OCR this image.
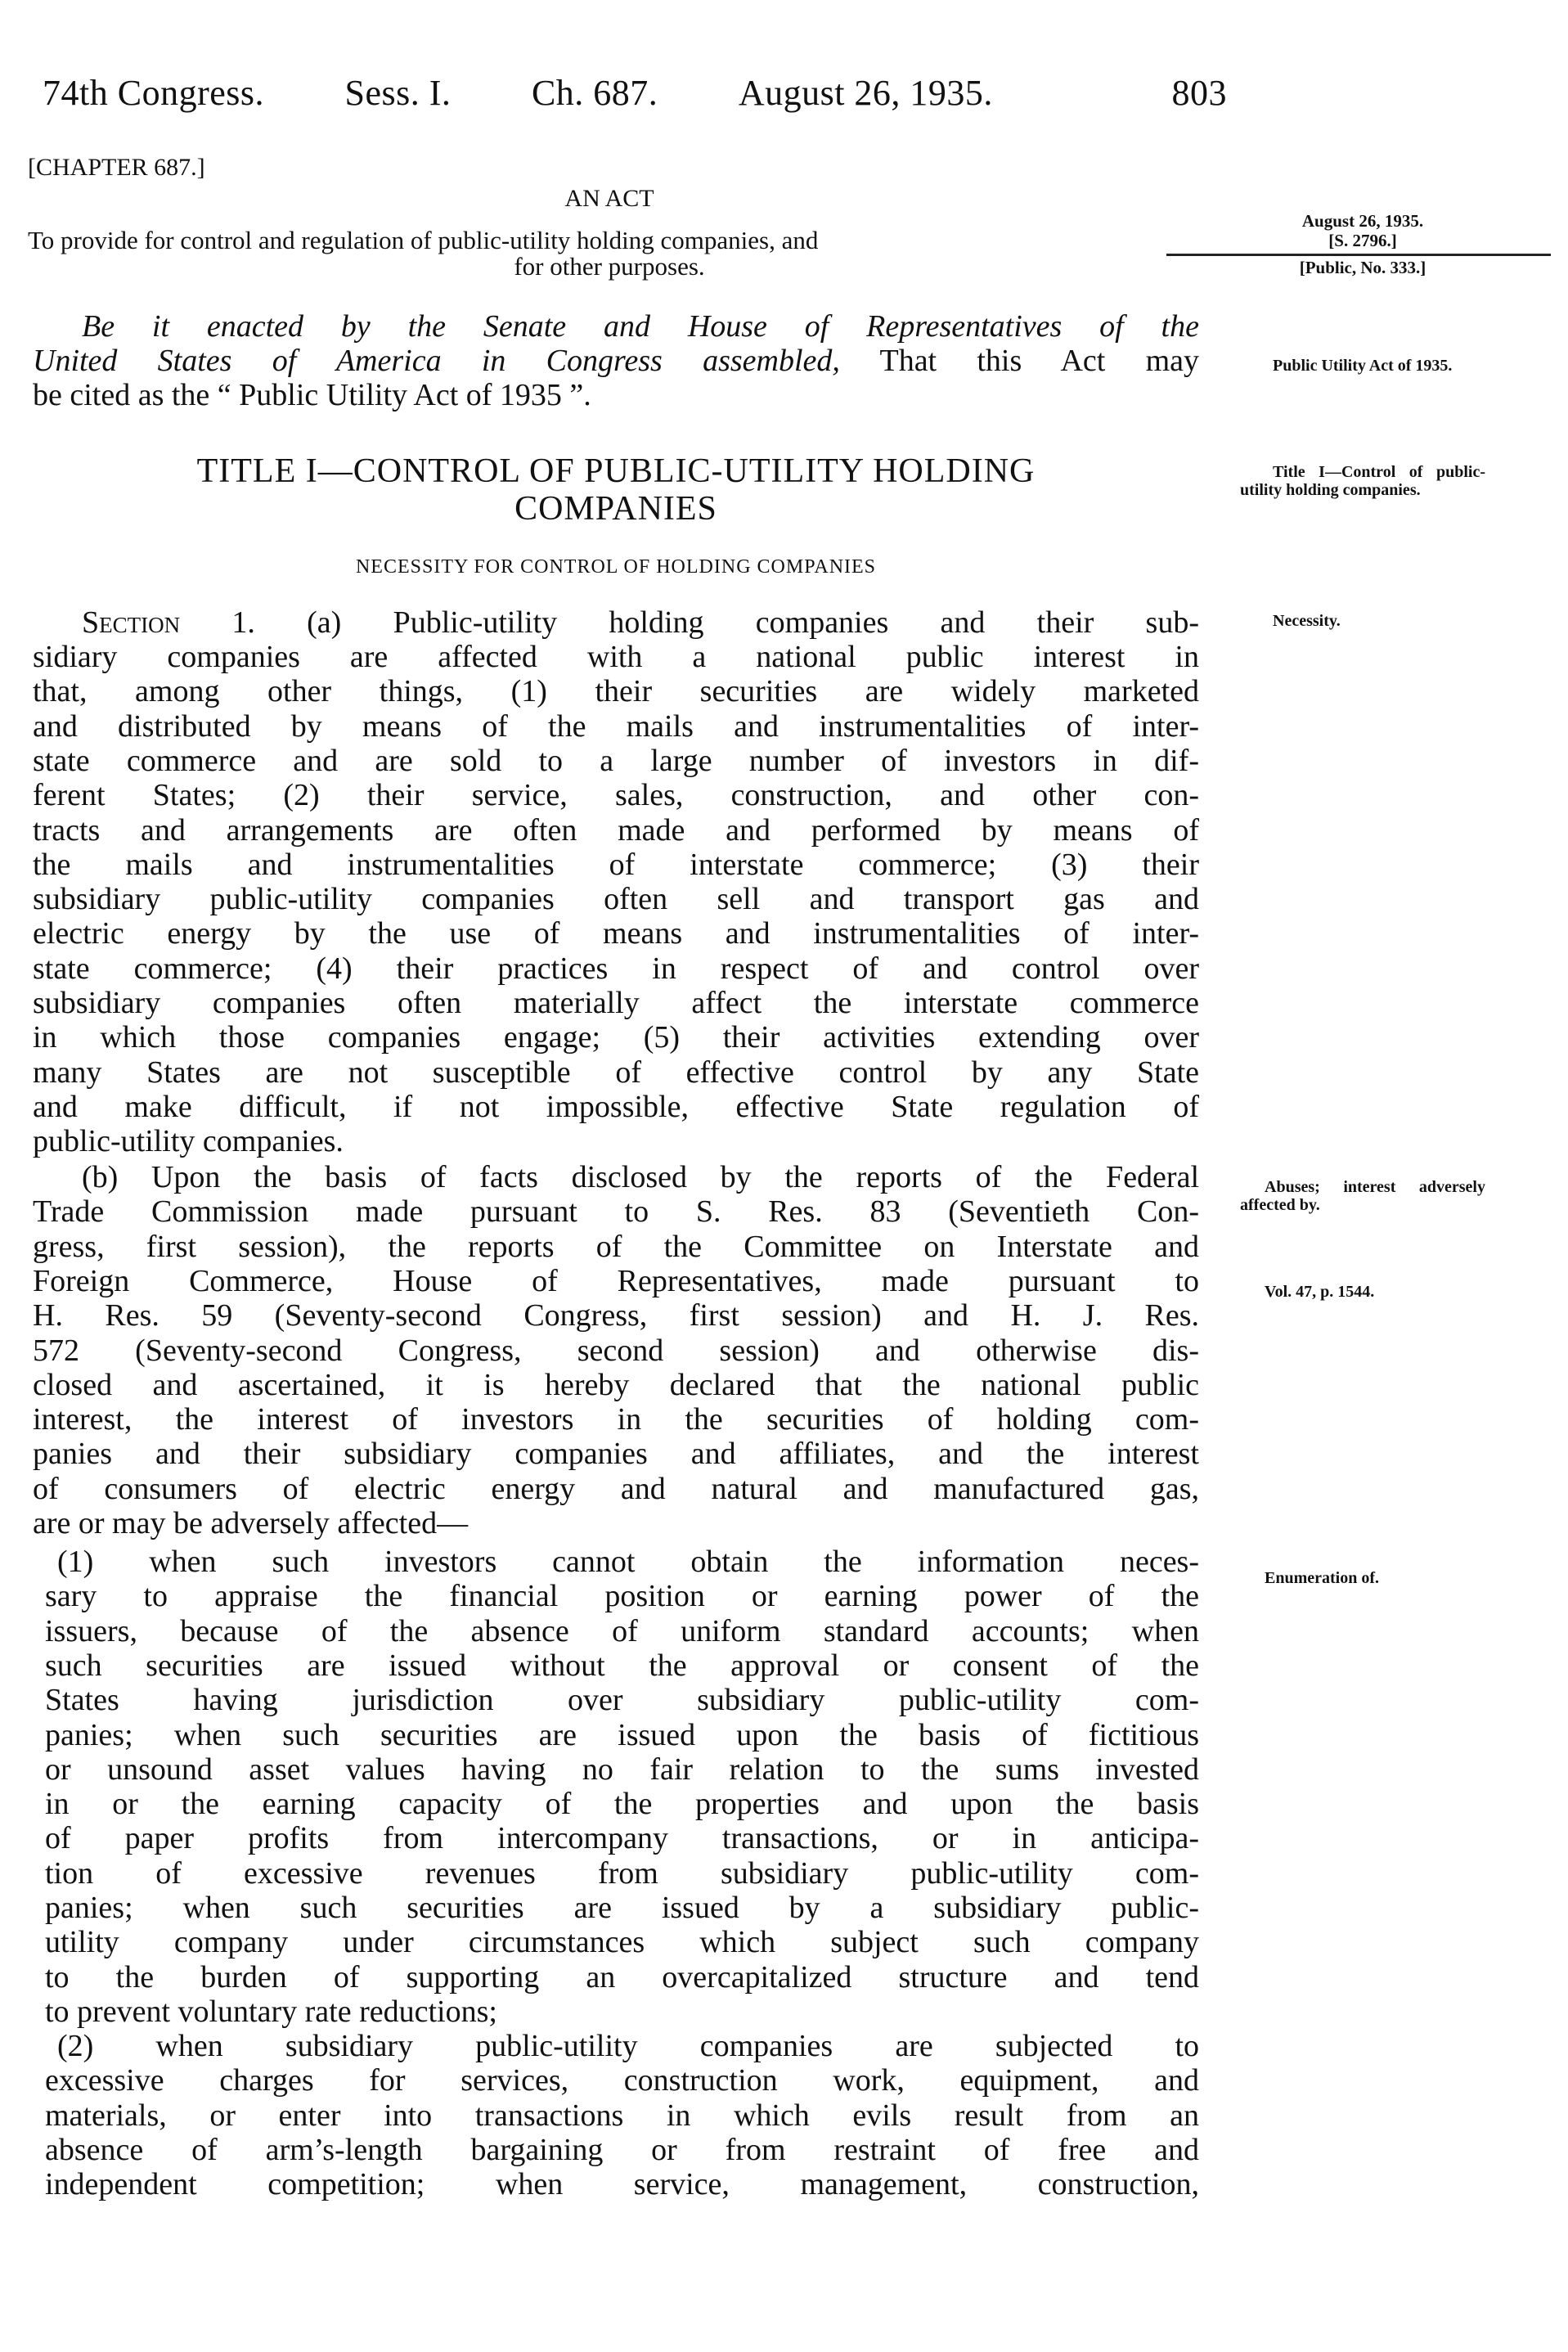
74th Congress. Sess. I. Ch. 687. August 26, 1935.	803
[CHAPTER 687.]
AN ACT
To provide for control and regulation of public-utility holding companies, and
for other purposes.
August 26, 1935.
[S. 2796.]
[Public, No. 333.]
Be it enacted by the Senate and House of Representatives of the
United States of America in Congress assembled, That this Act may
be cited as the “ Public Utility Act of 1935 ”.
Public Utility Act of 1935.
TITLE I—CONTROL OF PUBLIC-UTILITY HOLDING
COMPANIES
Title I—Control of public-utility holding companies.
NECESSITY FOR CONTROL OF HOLDING COMPANIES
Section 1. (a) Public-utility holding companies and their sub-	Necessity.
sidiary companies are affected with a national public interest in
that, among other things, (1) their securities are widely marketed
and distributed by means of the mails and instrumentalities of inter-
state commerce and are sold to a large number of investors in dif-
ferent States; (2) their service, sales, construction, and other con-
tracts and arrangements are often made and performed by means of
the mails and instrumentalities of interstate commerce; (3) their
subsidiary public-utility companies often sell and transport gas and
electric energy by the use of means and instrumentalities of inter-
state commerce; (4) their practices in respect of and control over
subsidiary companies often materially affect the interstate commerce
in which those companies engage; (5) their activities extending over
many States are not susceptible of effective control by any State
and make difficult, if not impossible, effective State regulation of
public-utility companies.
(b) Upon the basis of facts disclosed by the reports of the Federal
Trade Commission made pursuant to S. Res. 83 (Seventieth Con-
gress, first session), the reports of the Committee on Interstate and
Foreign Commerce, House of Representatives, made pursuant to
H. Res. 59 (Seventy-second Congress, first session) and H. J. Res.
572 (Seventy-second Congress, second session) and otherwise dis-
closed and ascertained, it is hereby declared that the national public
interest, the interest of investors in the securities of holding com-
panies and their subsidiary companies and affiliates, and the interest
of consumers of electric energy and natural and manufactured gas,
are or may be adversely affected—
Abuses; interest adversely affected by.
Vol. 47, p. 1544.
(1) when such investors cannot obtain the information neces-
sary to appraise the financial position or earning power of the
issuers, because of the absence of uniform standard accounts; when
such securities are issued without the approval or consent of the
States having jurisdiction over subsidiary public-utility com-
panies; when such securities are issued upon the basis of fictitious
or unsound asset values having no fair relation to the sums invested
in or the earning capacity of the properties and upon the basis
of paper profits from intercompany transactions, or in anticipa-
tion of excessive revenues from subsidiary public-utility com-
panies; when such securities are issued by a subsidiary public-
utility company under circumstances which subject such company
to the burden of supporting an overcapitalized structure and tend
to prevent voluntary rate reductions;
Enumeration of.
(2) when subsidiary public-utility companies are subjected to
excessive charges for services, construction work, equipment, and
materials, or enter into transactions in which evils result from an
absence of arm’s-length bargaining or from restraint of free and
independent competition; when service, management, construction,
